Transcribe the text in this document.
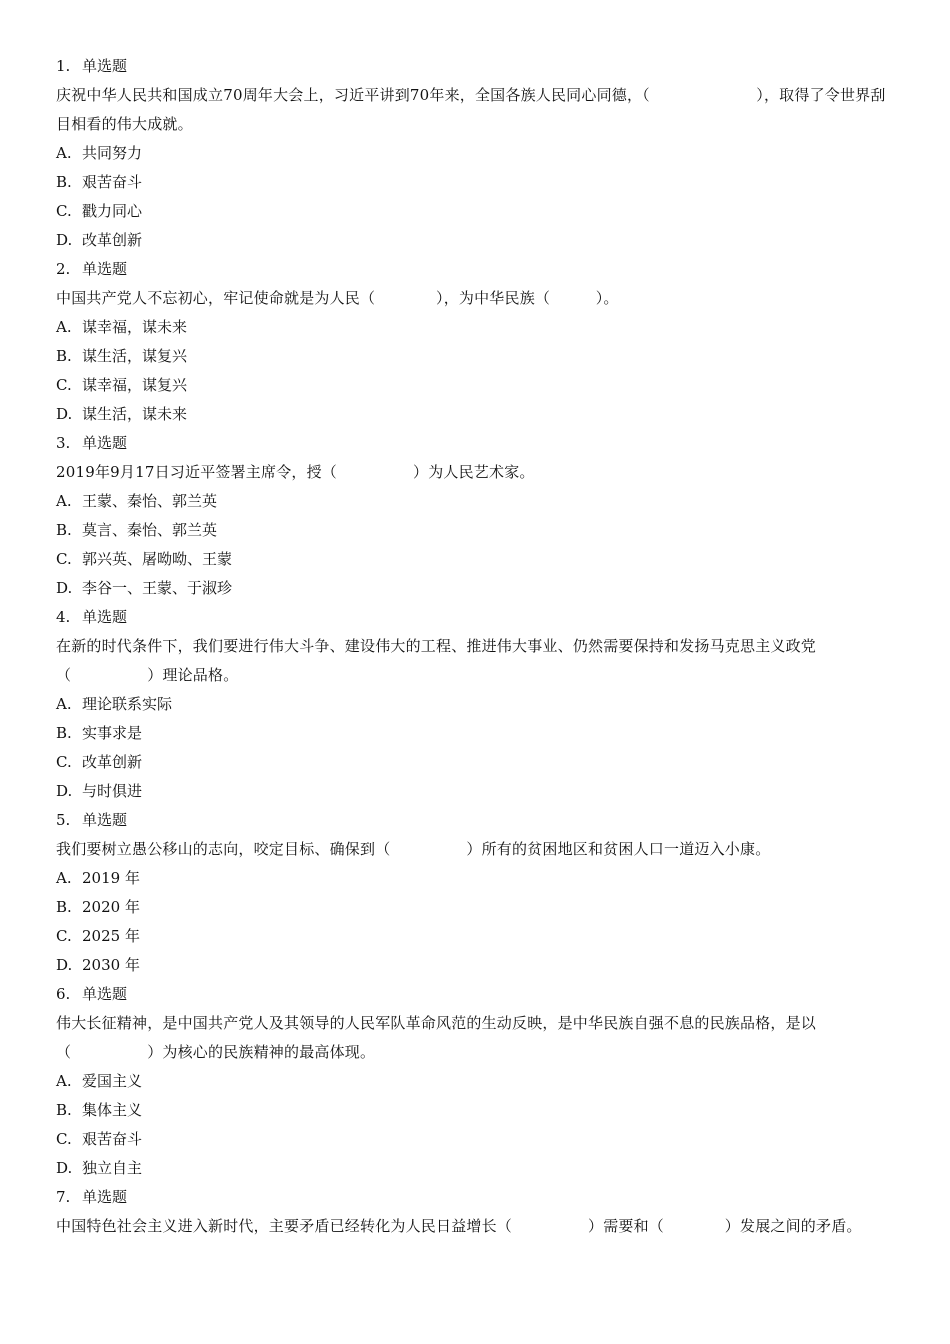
1. 单选题

庆祝中华人民共和国成立70周年大会上，习近平讲到70年来，全国各族人民同心同德，（　　　　　　　），取得了令世界刮目相看的伟大成就。

A. 共同努力

B. 艰苦奋斗

C. 戳力同心

D. 改革创新

2. 单选题

中国共产党人不忘初心，牢记使命就是为人民（　　　　），为中华民族（　　　）。

A. 谋幸福，谋未来

B. 谋生活，谋复兴

C. 谋幸福，谋复兴

D. 谋生活，谋未来

3. 单选题

2019年9月17日习近平签署主席令，授（　　　　　）为人民艺术家。

A. 王蒙、秦怡、郭兰英

B. 莫言、秦怡、郭兰英

C. 郭兴英、屠呦呦、王蒙

D. 李谷一、王蒙、于淑珍

4. 单选题

在新的时代条件下，我们要进行伟大斗争、建设伟大的工程、推进伟大事业、仍然需要保持和发扬马克思主义政党（　　　　　）理论品格。

A. 理论联系实际

B. 实事求是

C. 改革创新

D. 与时俱进

5. 单选题

我们要树立愚公移山的志向，咬定目标、确保到（　　　　　）所有的贫困地区和贫困人口一道迈入小康。

A. 2019 年

B. 2020 年

C. 2025 年

D. 2030 年

6. 单选题

伟大长征精神，是中国共产党人及其领导的人民军队革命风范的生动反映，是中华民族自强不息的民族品格，是以（　　　　　）为核心的民族精神的最高体现。

A. 爱国主义

B. 集体主义

C. 艰苦奋斗

D. 独立自主

7. 单选题

中国特色社会主义进入新时代，主要矛盾已经转化为人民日益增长（　　　　　）需要和（　　　　）发展之间的矛盾。
